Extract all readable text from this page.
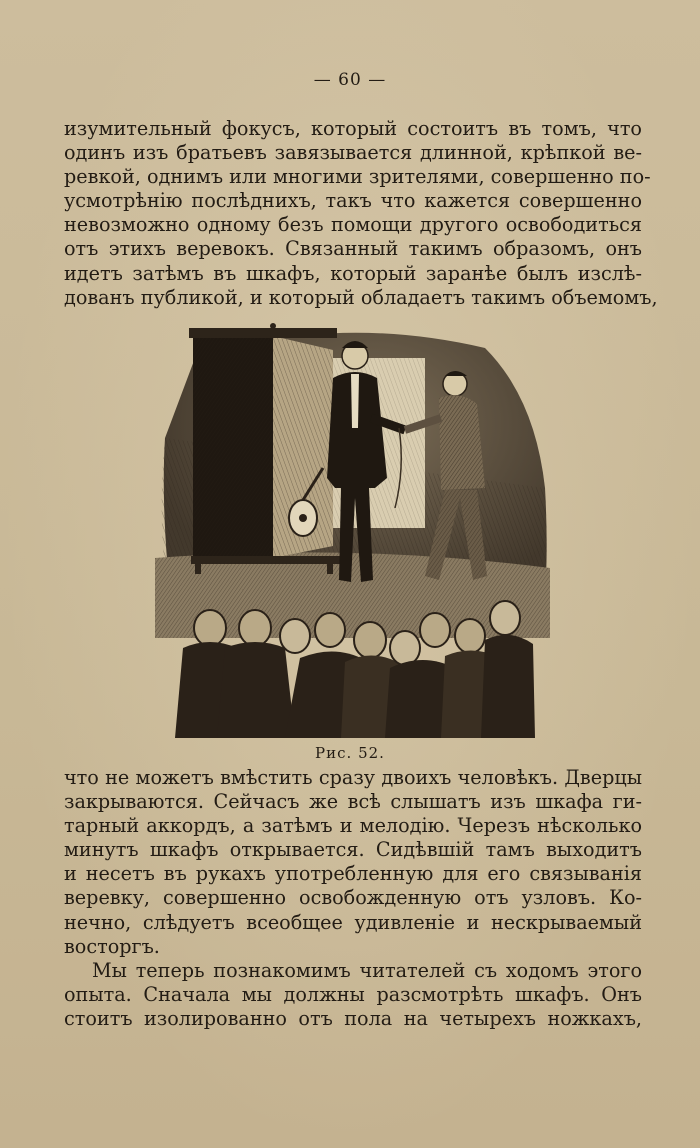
— 60 —
изумительный фокусъ, который состоитъ въ томъ, что
одинъ изъ братьевъ завязывается длинной, крѣпкой ве-
ревкой, однимъ или многими зрителями, совершенно по-
усмотрѣнію послѣднихъ, такъ что кажется совершенно
невозможно одному безъ помощи другого освободиться
отъ этихъ веревокъ. Связанный такимъ образомъ, онъ
идетъ затѣмъ въ шкафъ, который заранѣе былъ изслѣ-
дованъ публикой, и который обладаетъ такимъ объемомъ,
Рис. 52.
что не можетъ вмѣстить сразу двоихъ человѣкъ. Дверцы
закрываются. Сейчасъ же всѣ слышатъ изъ шкафа ги-
тарный аккордъ, а затѣмъ и мелодію. Черезъ нѣсколько
минутъ шкафъ открывается. Сидѣвшій тамъ выходитъ
и несетъ въ рукахъ употребленную для его связыванія
веревку, совершенно освобожденную отъ узловъ. Ко-
нечно, слѣдуетъ всеобщее удивленіе и нескрываемый
восторгъ.
Мы теперь познакомимъ читателей съ ходомъ этого
опыта. Сначала мы должны разсмотрѣть шкафъ. Онъ
стоитъ изолированно отъ пола на четырехъ ножкахъ,
